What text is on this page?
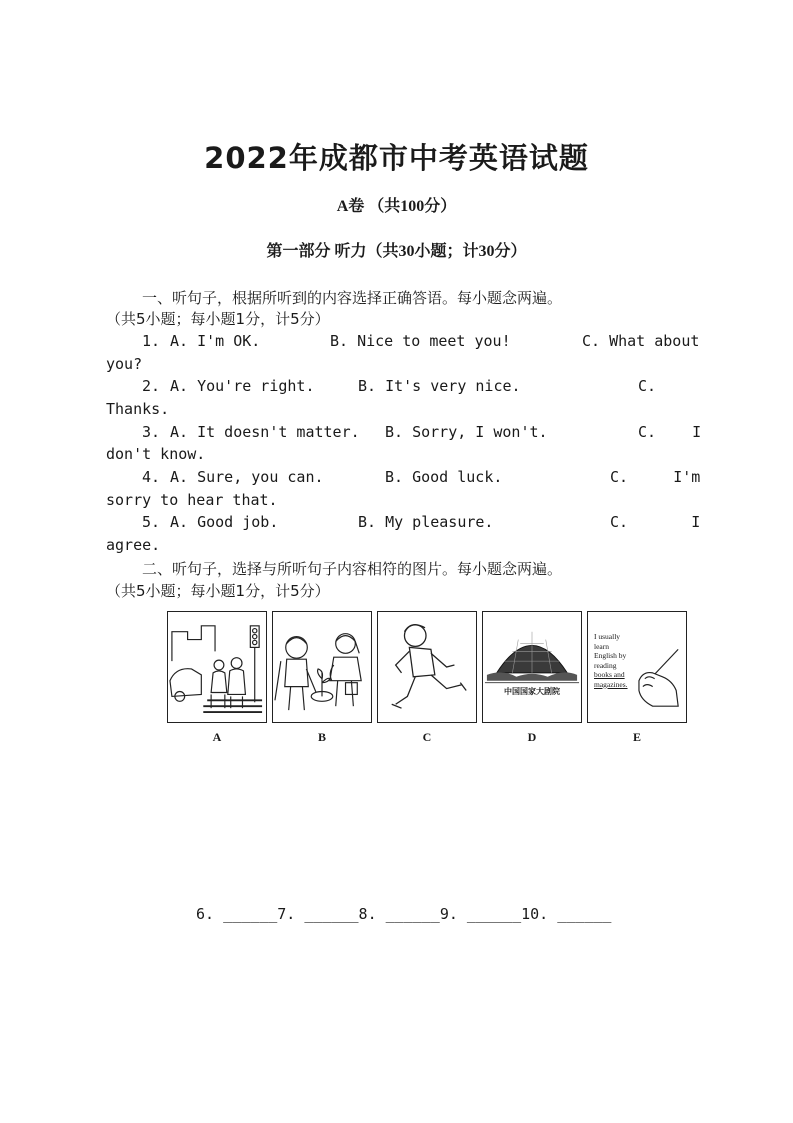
2022年成都市中考英语试题
A卷 （共100分）
第一部分 听力（共30小题；计30分）
一、听句子，根据所听到的内容选择正确答语。每小题念两遍。
（共5小题；每小题1分，计5分）
1. A. I'm OK.	B. Nice to meet you!	C. What about
you?
2. A. You're right.	B. It's very nice.	C.
Thanks.
3. A. It doesn't matter. B. Sorry, I won't.	C.    I
don't know.
4. A. Sure, you can.	B. Good luck.	C.     I'm
sorry to hear that.
5. A. Good job.	B. My pleasure.	C.       I
agree.
二、听句子，选择与所听句子内容相符的图片。每小题念两遍。
（共5小题；每小题1分，计5分）
A	B	C
中国国家大剧院
D
I usually
learn
English by
reading
books and
magazines.
E
6. ______7. ______8. ______9. ______10. ______
